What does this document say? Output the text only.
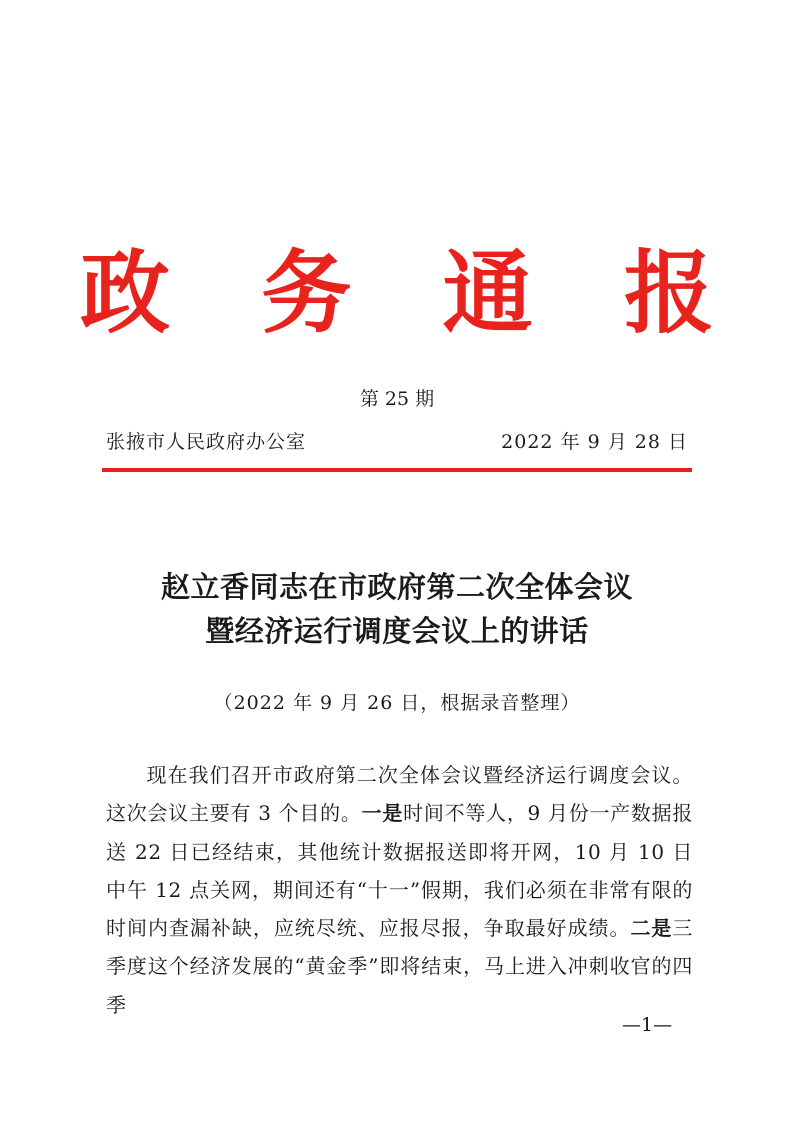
政 务 通 报
第 25 期
张掖市人民政府办公室	2022 年 9 月 28 日
赵立香同志在市政府第二次全体会议
暨经济运行调度会议上的讲话
（2022 年 9 月 26 日，根据录音整理）
现在我们召开市政府第二次全体会议暨经济运行调度会议。这次会议主要有 3 个目的。一是时间不等人，9 月份一产数据报送 22 日已经结束，其他统计数据报送即将开网，10 月 10 日中午 12 点关网，期间还有“十一”假期，我们必须在非常有限的时间内查漏补缺，应统尽统、应报尽报，争取最好成绩。二是三季度这个经济发展的“黄金季”即将结束，马上进入冲刺收官的四季
—1—
